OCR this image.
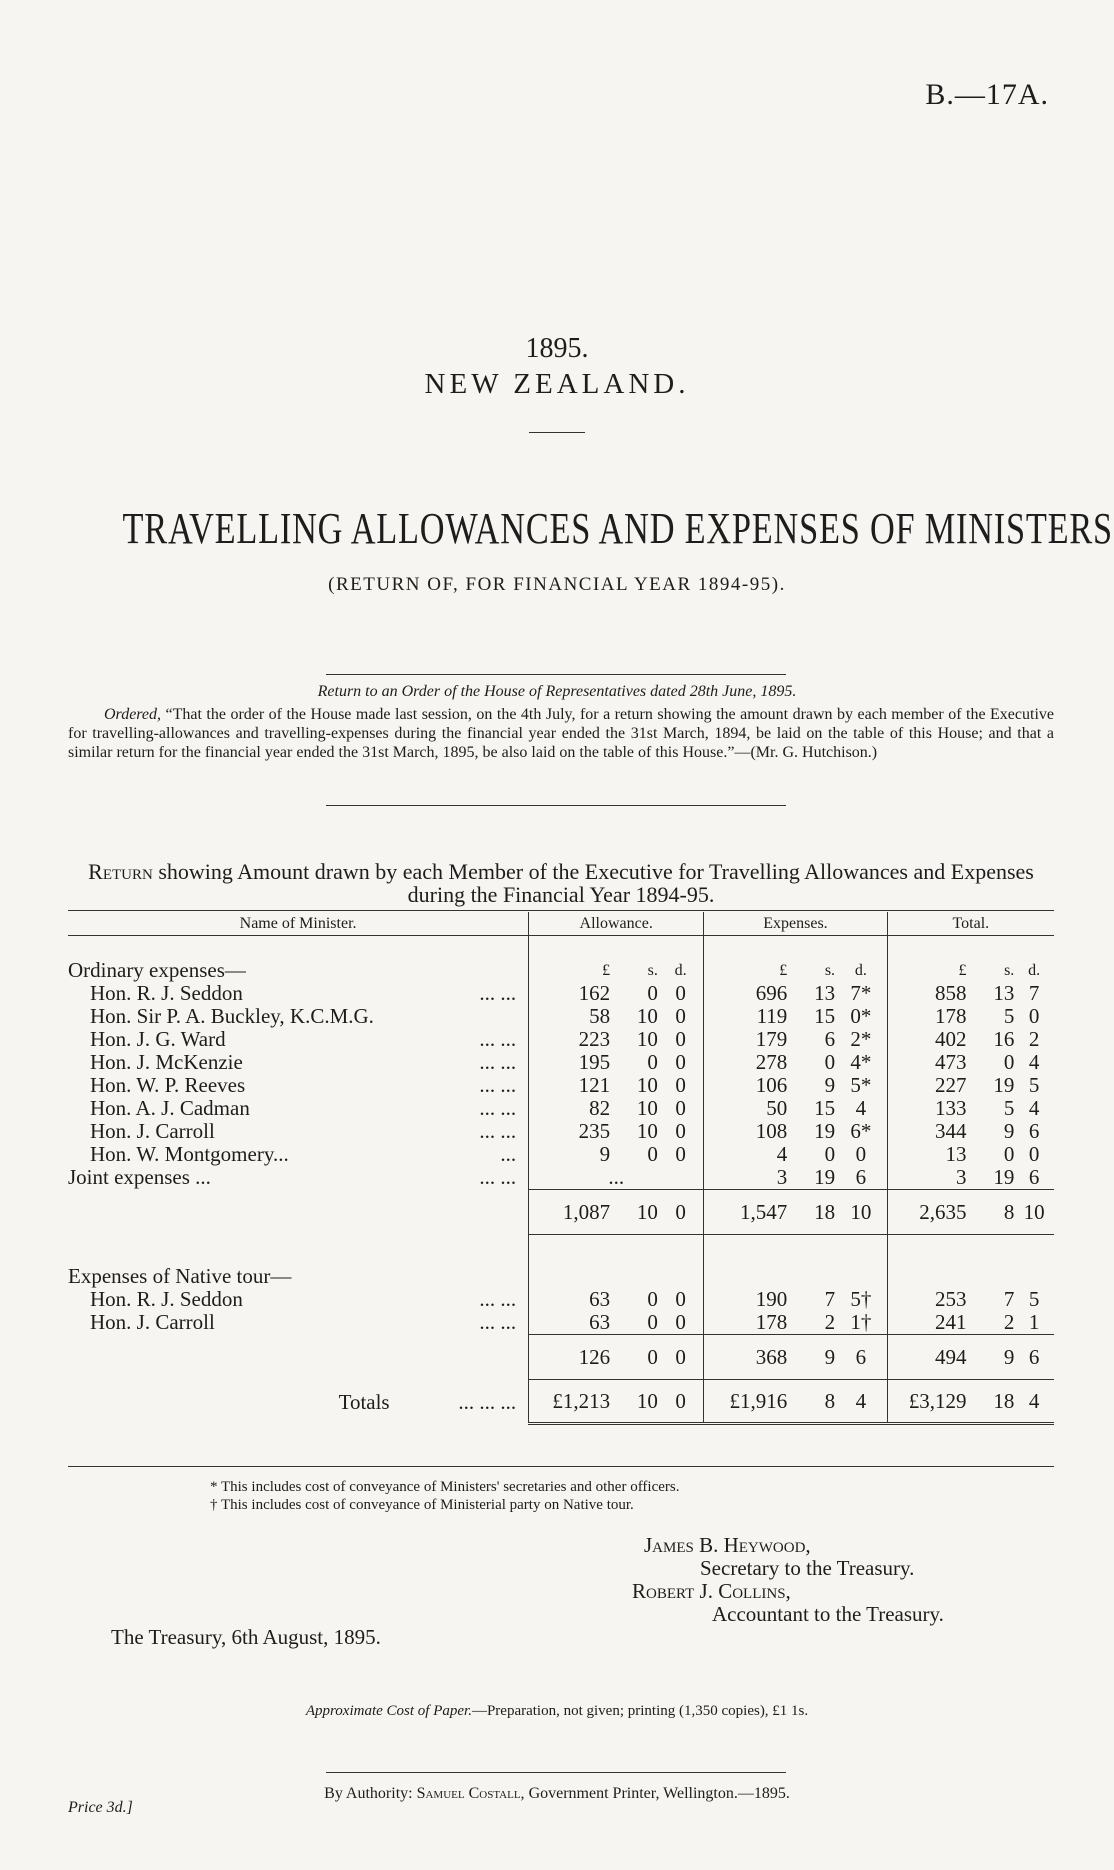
B.—17A.
1895.
NEW ZEALAND.
TRAVELLING ALLOWANCES AND EXPENSES OF MINISTERS
(RETURN OF, FOR FINANCIAL YEAR 1894-95).
Return to an Order of the House of Representatives dated 28th June, 1895.
Ordered, “That the order of the House made last session, on the 4th July, for a return showing the amount drawn by each member of the Executive for travelling-allowances and travelling-expenses during the financial year ended the 31st March, 1894, be laid on the table of this House; and that a similar return for the financial year ended the 31st March, 1895, be also laid on the table of this House.”—(Mr. G. Hutchison.)
Return showing Amount drawn by each Member of the Executive for Travelling Allowances and Expenses during the Financial Year 1894-95.
Name of Minister.		Allowance.			Expenses.			Total.		

Ordinary expenses—		£	s.	d.	£	s.	d.	£	s.	d.
Hon. R. J. Seddon	... ...	162	0	0	696	13	7*	858	13	7
Hon. Sir P. A. Buckley, K.C.M.G.		58	10	0	119	15	0*	178	5	0
Hon. J. G. Ward	... ...	223	10	0	179	6	2*	402	16	2
Hon. J. McKenzie	... ...	195	0	0	278	0	4*	473	0	4
Hon. W. P. Reeves	... ...	121	10	0	106	9	5*	227	19	5
Hon. A. J. Cadman	... ...	82	10	0	50	15	4	133	5	4
Hon. J. Carroll	... ...	235	10	0	108	19	6*	344	9	6
Hon. W. Montgomery...	...	9	0	0	4	0	0	13	0	0
Joint expenses ...	... ...	...			3	19	6	3	19	6
		1,087	10	0	1,547	18	10	2,635	8	10

Expenses of Native tour—										
Hon. R. J. Seddon	... ...	63	0	0	190	7	5†	253	7	5
Hon. J. Carroll	... ...	63	0	0	178	2	1†	241	2	1
		126	0	0	368	9	6	494	9	6
Totals	... ... ...	£1,213	10	0	£1,916	8	4	£3,129	18	4

* This includes cost of conveyance of Ministers' secretaries and other officers.
† This includes cost of conveyance of Ministerial party on Native tour.
James B. Heywood,
Secretary to the Treasury.
Robert J. Collins,
Accountant to the Treasury.
The Treasury, 6th August, 1895.
Approximate Cost of Paper.—Preparation, not given; printing (1,350 copies), £1 1s.
By Authority: Samuel Costall, Government Printer, Wellington.—1895.
Price 3d.]
